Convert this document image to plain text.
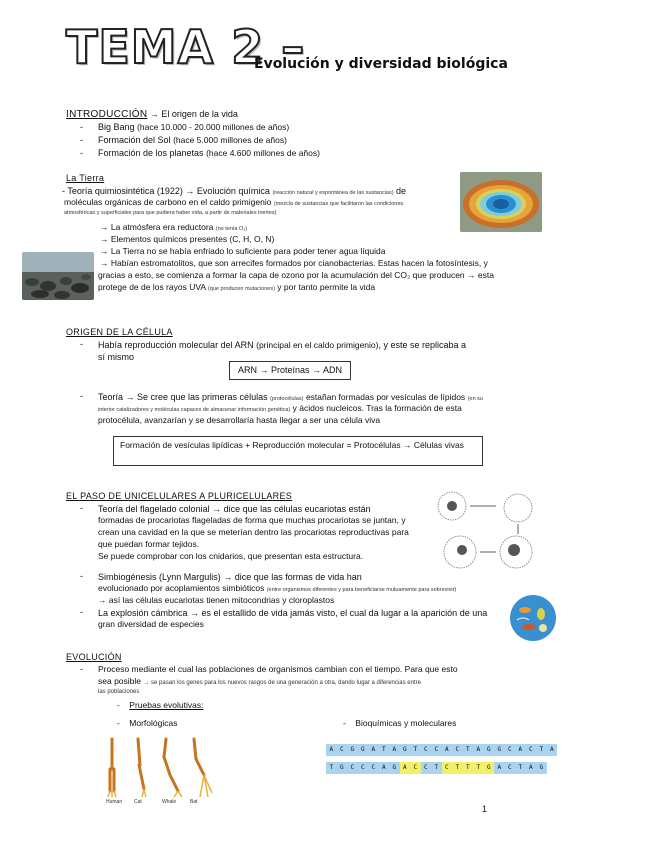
TEMA 2 –
Evolución y diversidad biológica
INTRODUCCIÓN → El origen de la vida
- Big Bang (hace 10.000 - 20.000 millones de años)
- Formación del Sol (hace 5.000 millones de años)
- Formación de los planetas (hace 4.600 millones de años)
La Tierra
- Teoría quimiosintética (1922) → Evolución química (reacción natural y espontánea de las sustancias) de
moléculas orgánicas de carbono en el caldo primigenio (mezcla de sustancias que facilitaron las condiciones
atmosféricas y superficiales para que pudiera haber vida, a partir de materiales inertes)
→ La atmósfera era reductora (no tenía O₂)
→ Elementos químicos presentes (C, H, O, N)
→ La Tierra no se había enfriado lo suficiente para poder tener agua líquida
→ Habían estromatolitos, que son arrecifes formados por cianobacterias. Estas hacen la fotosíntesis, y
gracias a esto, se comienza a formar la capa de ozono por la acumulación del CO₂ que producen → esta
protege de de los rayos UVA (que producen mutaciones) y por tanto permite la vida
ORIGEN DE LA CÉLULA
- Había reproducción molecular del ARN (principal en el caldo primigenio), y este se replicaba a
sí mismo
ARN → Proteínas → ADN
- Teoría → Se cree que las primeras células (protocélulas) estañan formadas por vesículas de lípidos (en su
interior catalizadores y moléculas capaces de almacenar información genética) y ácidos nucleicos. Tras la formación de esta
protocélula, avanzarían y se desarrollaría hasta llegar a ser una célula viva
Formación de vesículas lipídicas + Reproducción molecular = Protocélulas → Células vivas
EL PASO DE UNICELULARES A PLURICELULARES
- Teoría del flagelado colonial → dice que las células eucariotas están
formadas de procariotas flageladas de forma que muchas procariotas se juntan, y
crean una cavidad en la que se meterían dentro las procariotas reproductivas para
que puedan formar tejidos.
Se puede comprobar con los cnidarios, que presentan esta estructura.
- Simbiogénesis (Lynn Margulis) → dice que las formas de vida han
evolucionado por acoplamientos simbióticos (entre organismos diferentes y para beneficiarse mutuamente para sobrevivir)
→ así las células eucariotas tienen mitocondrias y cloroplastos
- La explosión cámbrica → es el estallido de vida jamás visto, el cual da lugar a la aparición de una
gran diversidad de especies
EVOLUCIÓN
- Proceso mediante el cual las poblaciones de organismos cambian con el tiempo. Para que esto
sea posible → se pasan los genes para los nuevos rasgos de una generación a otra, dando lugar a diferencias entre
las poblaciones
-    Pruebas evolutivas:
-    Morfológicas	-    Bioquímicas y moleculares
Human Cat	Whale	Bat
A	C	G	G	A	T	A	G	T	C	C	A	C	T	A	G	G	C	A	C	T	A
T	G	C	C	C	A	G	A	C	C	T	C	T	T	T	G	A	C	T	A	G
1
